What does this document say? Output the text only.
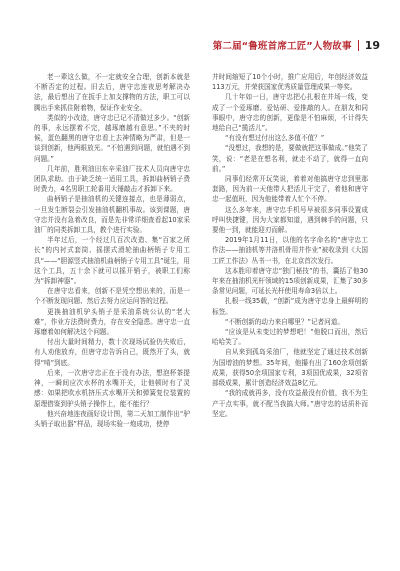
第二届“鲁班首席工匠”人物故事 19

老一辈这么做，不一定就安全合理，创新本就是不断否定的过程。旧去后，唐守忠连夜思考解决办法，最后想出了在扳手上加支撑物的方法，职工可以腾出手来抓住附着物，保证作业安全。

类似的小改造，唐守忠已记不清做过多少。“创新的事，永远摆着不完，越琢磨越有意思。”不夹的时候，蛋色翻黑的唐守忠看上去神情略为严肃，但是一谈到创新，他两眼放光。“不怕遇到问题，就怕遇不到问题。”

几年前，胜利油田东辛采油厂技术人员向唐守忠团队求助。由于缺乏统一适用工具，拆卸曲柄销子费时费力，4名男职工轮番用大锤敲击才拆卸下来。

曲柄销子是抽油机的关键连接点，也是薄弱点，一旦发生断裂会引发抽油机翻机事故。该到课题，唐守忠并没有急着改良，而是先非常详细查看起10家采油厂的同类拆卸工具，教个进行实验。

半年过后，一个经过几百次改造、集“百家之所长”的内衬式套筒、摇摆式滑轮抽曲柄销子专用工具“——“胆源竖式抽油机曲柄销子专用工具”诞生，用这个工具，五十余下就可以摇开销子，被职工们称为“拆卸神器”。

在唐守忠看来，创新不是凭空想出来的，而是一个不断发现问题、然后去努力应运问答的过程。

更换抽油机驴头销子是采油系统公认的“老大难”，作业方法费时费力，存在安全隐患。唐守忠一直琢磨着如何解决这个问题。

付出大量时间精力，数十次现场试验仍失败后，有人劝他放弃，但唐守忠告诉自己，既然开了头，就得“啃”到底。

后来，一次唐守忠正在于没有办法，想泡杯茶提神，一瞬间应次水杯的水嘴开关，让他顿时有了灵感：如果把吹水机挤压式水嘴开关和弹簧复位装置的原理借鉴到驴头销子操作上，能不能行？

他兴奋地连夜画好设计图，第二天加工制作出“驴头销子取出器”样品，现场实验一炮成功，使停

井时间缩短了10个小时，推广应用后，年创经济效益113万元，并荣获国家优秀质量管理成果一等奖。

几十年如一日，唐守忠把心扎根在井场一线，变成了一个爱琢磨、爱钻研、爱推敲的人。在朋友和同事眼中，唐守忠的创新，更像是不怕麻烦，不计得失地给自己“揽活儿”。

“有没有想过付出这么多值不值？”

“没想过，我想的是，要做就把这事做成。”他笑了笑，说：“老是在想名利，就走不动了，就得一直向前。”

同事们经常开玩笑说，着着对他搞唐守忠到里那套路，因为前一天他带人把活儿干完了，着他和唐守忠一起值班，因为他能带着人忙个不停。

这么多年来，唐守忠手机号早被很多同事设置成呼叫快捷键，因为大家都知道，遇到棘手的问题，只要他一到，就能迎刃而解。

2019年1月11日，以他的名字命名的“唐守忠工作法——抽油机等井洛机骨用井作业”被收录到《大国工匠工作法》丛书一书，在北京首次发行。

这本胜印着唐守忠“独门秘技”的书，囊括了他30年来在抽油机光杆领域的15项创新成果，汇集了30多条常见问题，可延长光杆使用寿命3倍以上。

扎根一线35载，“创新”成为唐守忠身上最鲜明的标签。

“不断创新的动力来自哪里？”记者问道。

“应该是从未变过的梦想吧！”他脱口而出，然后哈哈笑了。

自从来到孤岛采油厂，他就坚定了通过技术创新为国增油的梦想。35年间，他攥有出了160余项创新成果，获得50余项国家专利，3项国优成果，32项省部级成果，累计创造经济效益8亿元。

“我的成就再多，没有攻益最没有价值，我不为生产干点实事，就不配当我搞大师。”唐守忠的话质朴而坚定。
